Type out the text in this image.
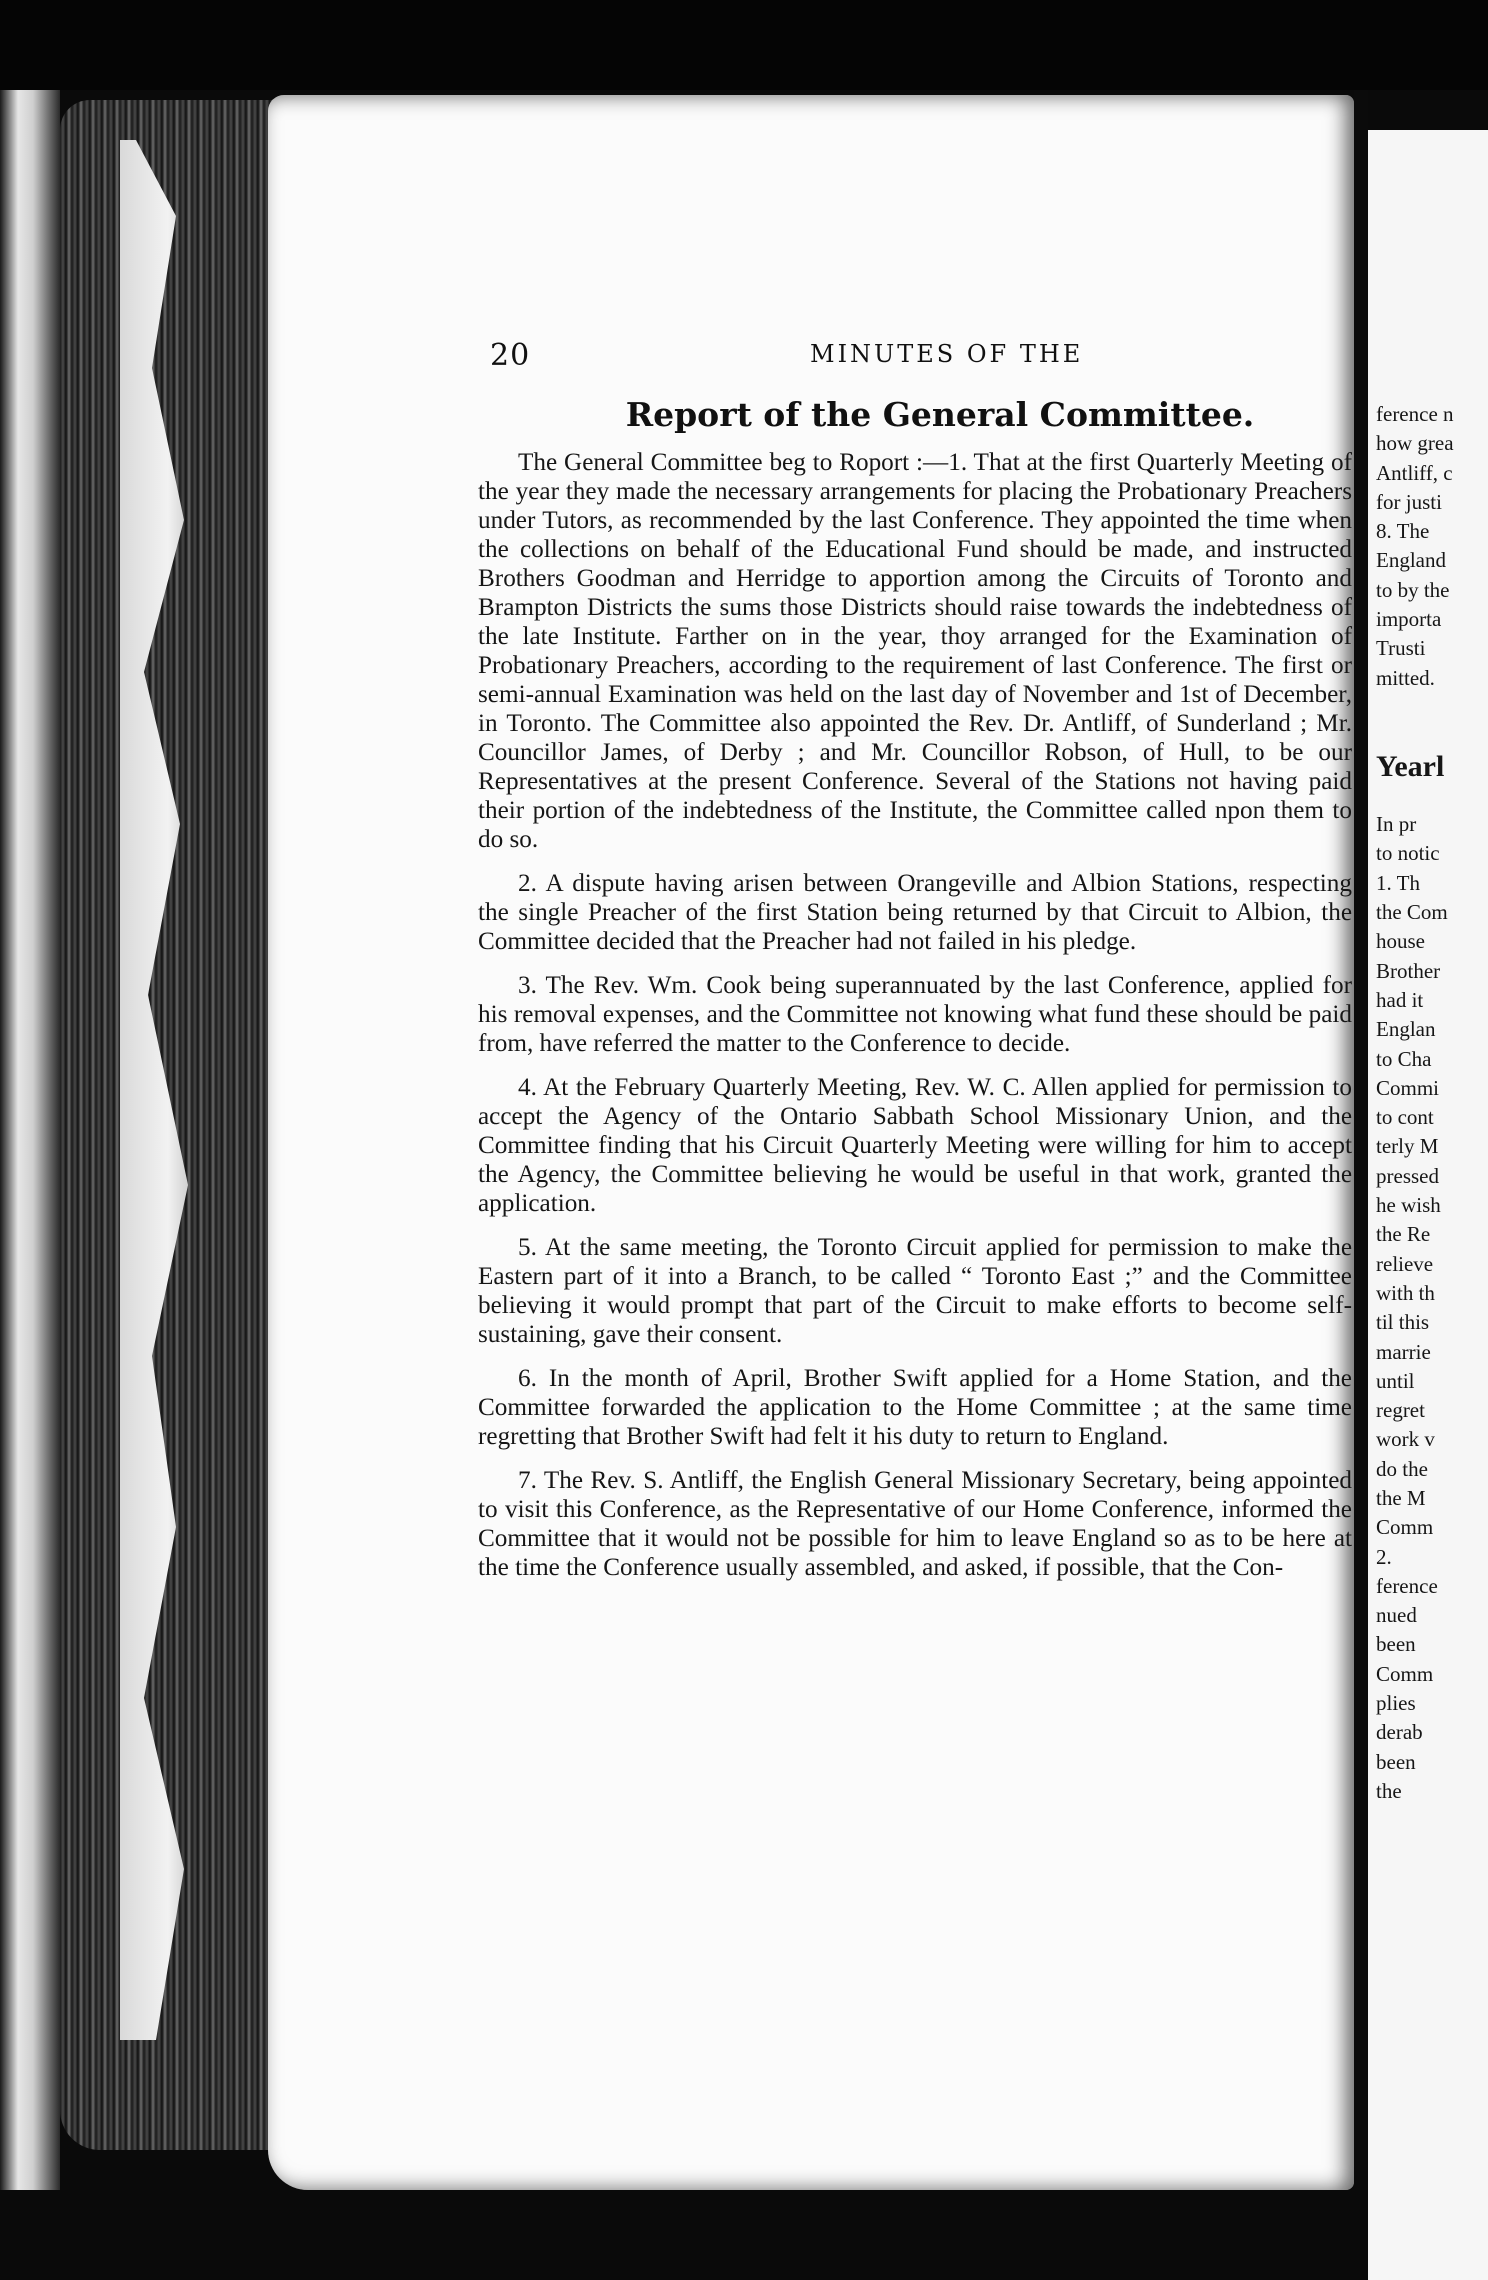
20	MINUTES OF THE
Report of the General Committee.

The General Committee beg to Roport :—1. That at the first Quarterly Meeting of the year they made the necessary arrangements for placing the Probationary Preachers under Tutors, as recommended by the last Conference. They appointed the time when the collections on behalf of the Educational Fund should be made, and instructed Brothers Goodman and Herridge to apportion among the Circuits of Toronto and Brampton Districts the sums those Districts should raise towards the indebtedness of the late Institute. Farther on in the year, thоy arranged for the Examination of Probationary Preachers, according to the requirement of last Conference. The first or semi-annual Examination was held on the last day of November and 1st of December, in Toronto. The Committee also appointed the Rev. Dr. Antliff, of Sunderland ; Mr. Councillor James, of Derby ; and Mr. Councillor Robson, of Hull, to be our Representatives at the present Conference. Several of the Stations not having paid their portion of the indebtedness of the Institute, the Committee called npon them to do so.

2. A dispute having arisen between Orangeville and Albion Stations, respecting the single Preacher of the first Station being returned by that Circuit to Albion, the Committee decided that the Preacher had not failed in his pledge.

3. The Rev. Wm. Cook being superannuated by the last Conference, applied for his removal expenses, and the Committee not knowing what fund these should be paid from, have referred the matter to the Conference to decide.

4. At the February Quarterly Meeting, Rev. W. C. Allen applied for permission to accept the Agency of the Ontario Sabbath School Missionary Union, and the Committee finding that his Circuit Quarterly Meeting were willing for him to accept the Agency, the Committee believing he would be useful in that work, granted the application.

5. At the same meeting, the Toronto Circuit applied for permission to make the Eastern part of it into a Branch, to be called “ Toronto East ;” and the Committee believing it would prompt that part of the Circuit to make efforts to become self-sustaining, gave their consent.

6. In the month of April, Brother Swift applied for a Home Station, and the Committee forwarded the application to the Home Committee ; at the same time regretting that Brother Swift had felt it his duty to return to England.

7. The Rev. S. Antliff, the English General Missionary Secretary, being appointed to visit this Conference, as the Representative of our Home Conference, informed the Committee that it would not be possible for him to leave England so as to be here at the time the Conference usually assembled, and asked, if possible, that the Con-

ference n
how grea
Antliff, c
for justi
8. The
England
to by the
importa
Trusti
mitted.
Yearl
In pr
to notic
1. Th
the Com
house
Brother
had it
Englan
to Cha
Commi
to cont
terly M
pressed
he wish
the Re
relieve
with th
til this
marrie
until
regret
work v
do the
the M
Comm
2.
ference
nued
been
Comm
plies
derab
been
the
